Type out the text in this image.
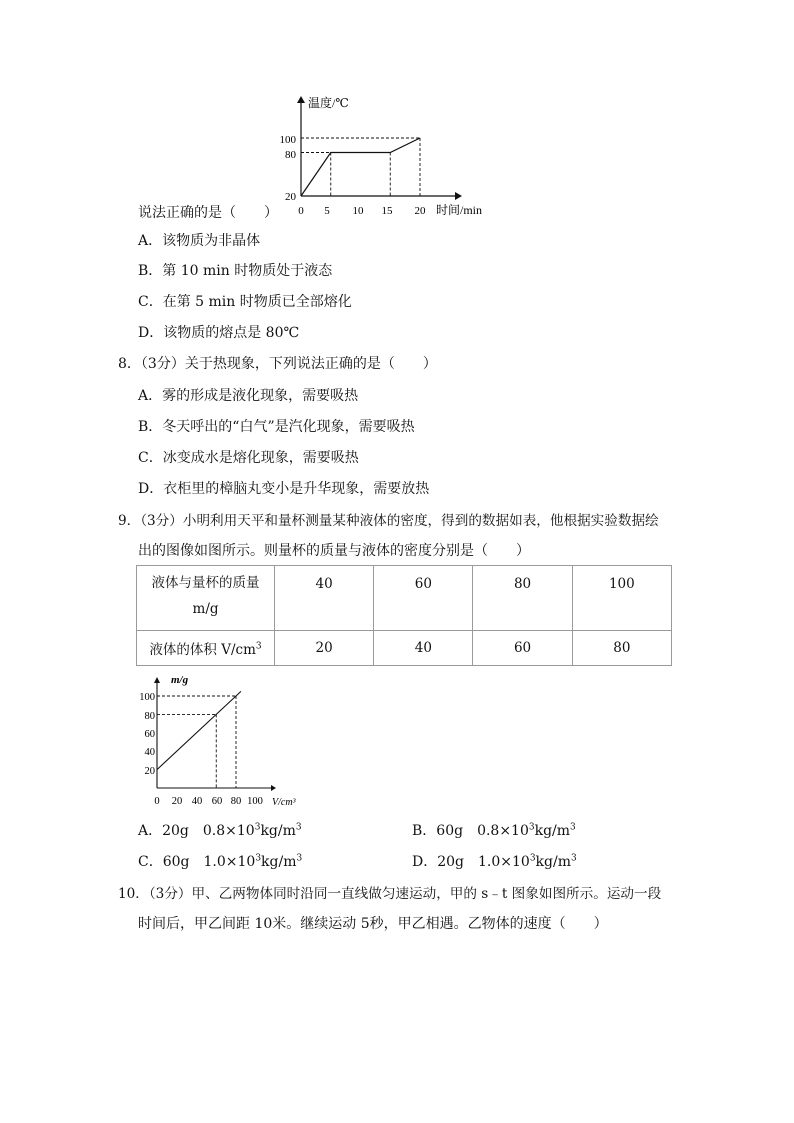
100
80
20
0 5 10 15 20
温度/℃
时间/min
说法正确的是（　　）
A．该物质为非晶体
B．第 10 min 时物质处于液态
C．在第 5 min 时物质已全部熔化
D．该物质的熔点是 80℃
8．（3分）关于热现象，下列说法正确的是（　　）
A．雾的形成是液化现象，需要吸热
B．冬天呼出的“白气”是汽化现象，需要吸热
C．冰变成水是熔化现象，需要吸热
D．衣柜里的樟脑丸变小是升华现象，需要放热
9．（3分）小明利用天平和量杯测量某种液体的密度，得到的数据如表，他根据实验数据绘
出的图像如图所示。则量杯的质量与液体的密度分别是（　　）
液体与量杯的质量
m/g	40	60	80	100

液体的体积 $V/cm^3$	20	40	60	80
100
80
60
40
20
0 20 40 60 80 100
m/g
V/cm³
A．20g　$0.8\times 10^3kg/m^3$	B．60g　$0.8\times 10^3kg/m^3$
C．60g　$1.0\times 10^3kg/m^3$	D．20g　$1.0\times 10^3kg/m^3$
10．（3分）甲、乙两物体同时沿同一直线做匀速运动，甲的 s﹣t 图象如图所示。运动一段
时间后，甲乙间距 10米。继续运动 5秒，甲乙相遇。乙物体的速度（　　）
